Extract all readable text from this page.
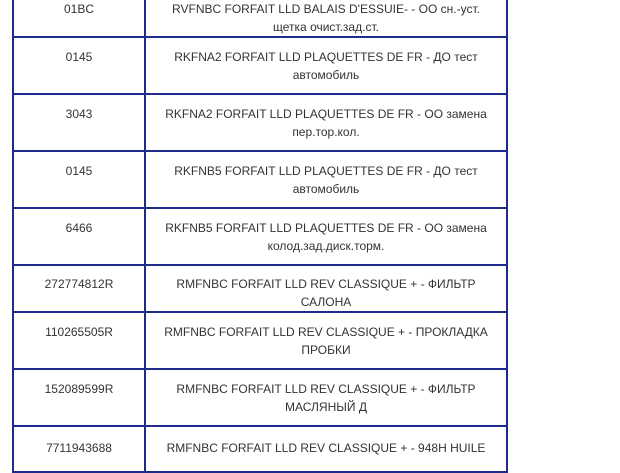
01BC	RVFNBC FORFAIT LLD BALAIS D'ESSUIE- - ОО сн.-уст. щетка очист.зад.ст.

0145	RKFNA2 FORFAIT LLD PLAQUETTES DE FR - ДО тест автомобиль

3043	RKFNA2 FORFAIT LLD PLAQUETTES DE FR - ОО замена пер.тор.кол.

0145	RKFNB5 FORFAIT LLD PLAQUETTES DE FR - ДО тест автомобиль

6466	RKFNB5 FORFAIT LLD PLAQUETTES DE FR - ОО замена колод.зад.диск.торм.

272774812R	RMFNBC FORFAIT LLD REV CLASSIQUE + - ФИЛЬТР САЛОНА

110265505R	RMFNBC FORFAIT LLD REV CLASSIQUE + - ПРОКЛАДКА ПРОБКИ

152089599R	RMFNBC FORFAIT LLD REV CLASSIQUE + - ФИЛЬТР МАСЛЯНЫЙ Д

7711943688	RMFNBC FORFAIT LLD REV CLASSIQUE + - 948H HUILE
